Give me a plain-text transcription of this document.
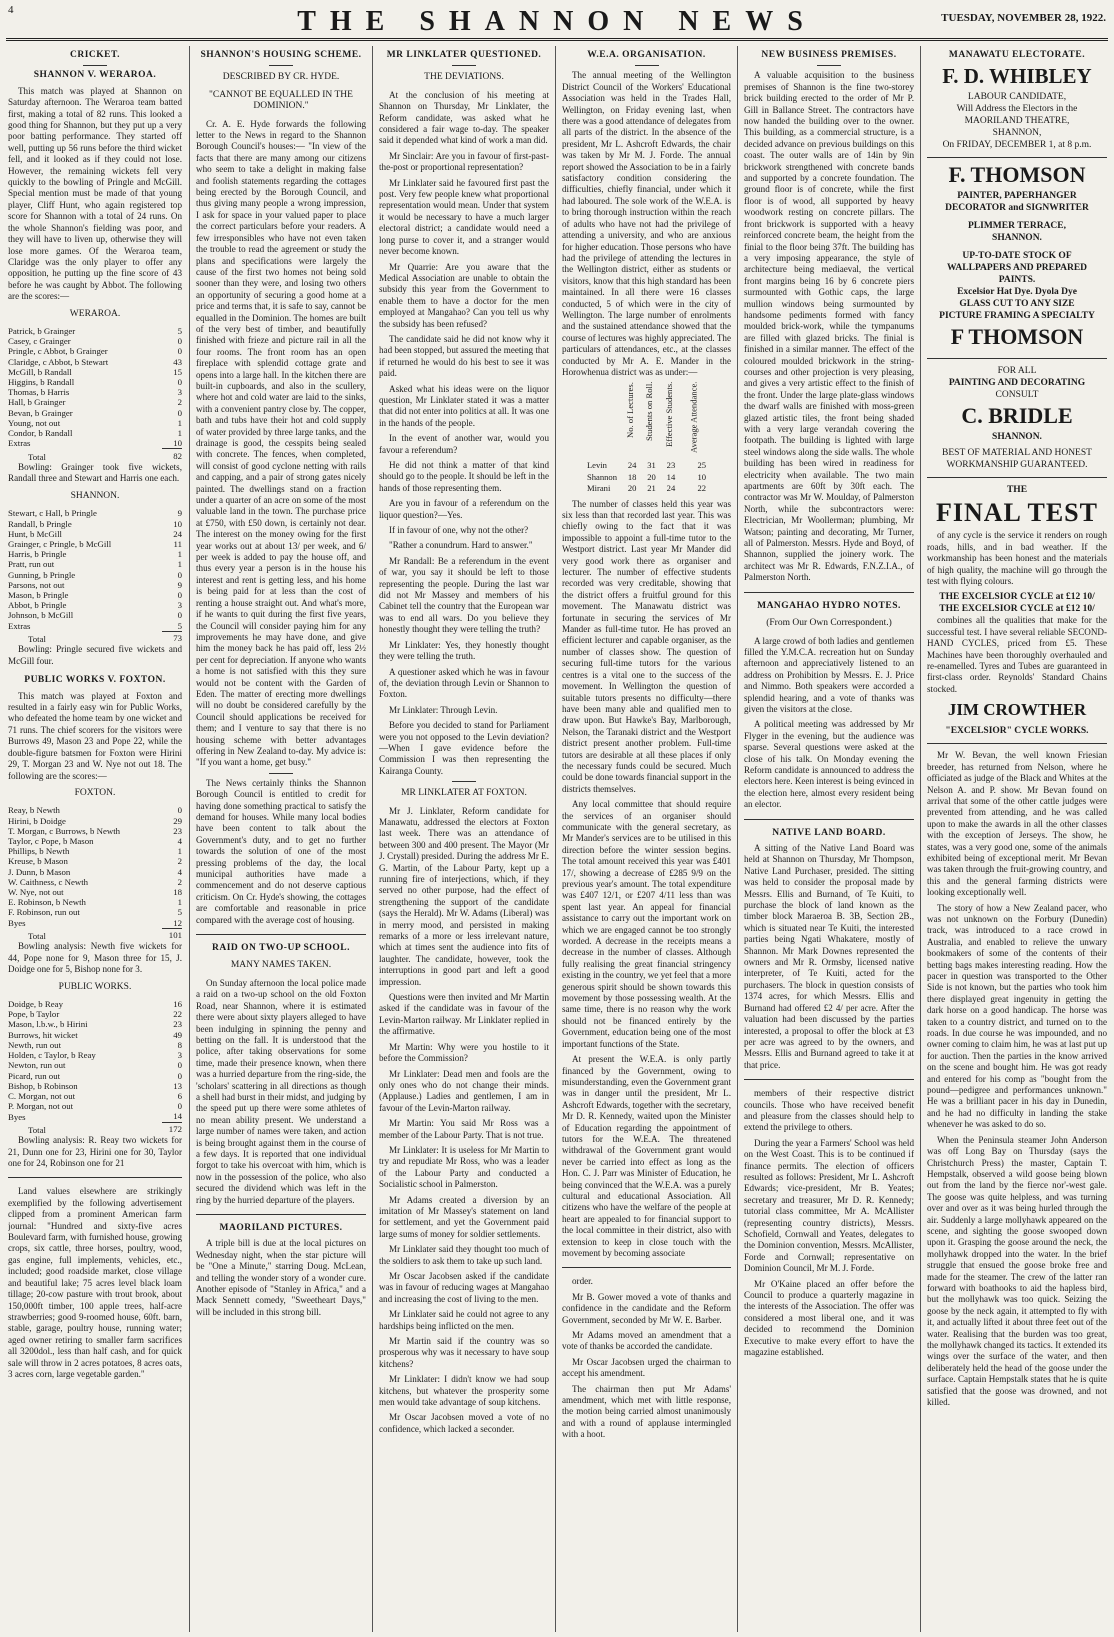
4	THE SHANNON NEWS	TUESDAY, NOVEMBER 28, 1922.
CRICKET.
SHANNON V. WERAROA.

This match was played at Shannon on Saturday afternoon. The Weraroa team batted first, making a total of 82 runs. This looked a good thing for Shannon, but they put up a very poor batting performance. They started off well, putting up 56 runs before the third wicket fell, and it looked as if they could not lose. However, the remaining wickets fell very quickly to the bowling of Pringle and McGill. Special mention must be made of that young player, Cliff Hunt, who again registered top score for Shannon with a total of 24 runs. On the whole Shannon's fielding was poor, and they will have to liven up, otherwise they will lose more games. Of the Weraroa team, Claridge was the only player to offer any opposition, he putting up the fine score of 43 before he was caught by Abbot. The following are the scores:—

WERAROA.
Patrick, b Grainger	5
Casey, c Grainger	0
Pringle, c Abbot, b Grainger	0
Claridge, c Abbot, b Stewart	43
McGill, b Randall	15
Higgins, b Randall	0
Thomas, b Harris	3
Hall, b Grainger	2
Bevan, b Grainger	0
Young, not out	1
Condor, b Randall	1
Extras	10
Total	82

Bowling: Grainger took five wickets, Randall three and Stewart and Harris one each.

SHANNON.
Stewart, c Hall, b Pringle	9
Randall, b Pringle	10
Hunt, b McGill	24
Grainger, c Pringle, b McGill	11
Harris, b Pringle	1
Pratt, run out	1
Gunning, b Pringle	0
Parsons, not out	9
Mason, b Pringle	0
Abbot, b Pringle	3
Johnson, b McGill	0
Extras	5
Total	73

Bowling: Pringle secured five wickets and McGill four.

PUBLIC WORKS V. FOXTON.

This match was played at Foxton and resulted in a fairly easy win for Public Works, who defeated the home team by one wicket and 71 runs. The chief scorers for the visitors were Burrows 49, Mason 23 and Pope 22, while the double-figure batsmen for Foxton were Hirini 29, T. Morgan 23 and W. Nye not out 18. The following are the scores:—

FOXTON.
Reay, b Newth	0
Hirini, b Doidge	29
T. Morgan, c Burrows, b Newth	23
Taylor, c Pope, b Mason	4
Phillips, b Newth	1
Kreuse, b Mason	2
J. Dunn, b Mason	4
W. Caithness, c Newth	2
W. Nye, not out	18
E. Robinson, b Newth	1
F. Robinson, run out	5
Byes	12
Total	101

Bowling analysis: Newth five wickets for 44, Pope none for 9, Mason three for 15, J. Doidge one for 5, Bishop none for 3.

PUBLIC WORKS.
Doidge, b Reay	16
Pope, b Taylor	22
Mason, l.b.w., b Hirini	23
Burrows, hit wicket	49
Newth, run out	8
Holden, c Taylor, b Reay	3
Newton, run out	0
Picard, run out	0
Bishop, b Robinson	13
C. Morgan, not out	6
P. Morgan, not out	0
Byes	14
Total	172

Bowling analysis: R. Reay two wickets for 21, Dunn one for 23, Hirini one for 30, Taylor one for 24, Robinson one for 21

Land values elsewhere are strikingly exemplified by the following advertisement clipped from a prominent American farm journal: "Hundred and sixty-five acres Boulevard farm, with furnished house, growing crops, six cattle, three horses, poultry, wood, gas engine, full implements, vehicles, etc., included; good roadside market, close village and beautiful lake; 75 acres level black loam tillage; 20-cow pasture with trout brook, about 150,000ft timber, 100 apple trees, half-acre strawberries; good 9-roomed house, 60ft. barn, stable, garage, poultry house, running water; aged owner retiring to smaller farm sacrifices all 3200dol., less than half cash, and for quick sale will throw in 2 acres potatoes, 8 acres oats, 3 acres corn, large vegetable garden."

SHANNON'S HOUSING SCHEME.
DESCRIBED BY CR. HYDE.
"CANNOT BE EQUALLED IN THE DOMINION."

Cr. A. E. Hyde forwards the following letter to the News in regard to the Shannon Borough Council's houses:— "In view of the facts that there are many among our citizens who seem to take a delight in making false and foolish statements regarding the cottages being erected by the Borough Council, and thus giving many people a wrong impression, I ask for space in your valued paper to place the correct particulars before your readers. A few irresponsibles who have not even taken the trouble to read the agreement or study the plans and specifications were largely the cause of the first two homes not being sold sooner than they were, and losing two others an opportunity of securing a good home at a price and terms that, it is safe to say, cannot be equalled in the Dominion. The homes are built of the very best of timber, and beautifully finished with frieze and picture rail in all the four rooms. The front room has an open fireplace with splendid cottage grate and opens into a large hall. In the kitchen there are built-in cupboards, and also in the scullery, where hot and cold water are laid to the sinks, with a convenient pantry close by. The copper, bath and tubs have their hot and cold supply of water provided by three large tanks, and the drainage is good, the cesspits being sealed with concrete. The fences, when completed, will consist of good cyclone netting with rails and capping, and a pair of strong gates nicely painted. The dwellings stand on a fraction under a quarter of an acre on some of the most valuable land in the town. The purchase price at £750, with £50 down, is certainly not dear. The interest on the money owing for the first year works out at about 13/ per week, and 6/ per week is added to pay the house off, and thus every year a person is in the house his interest and rent is getting less, and his home is being paid for at less than the cost of renting a house straight out. And what's more, if he wants to quit during the first five years, the Council will consider paying him for any improvements he may have done, and give him the money back he has paid off, less 2½ per cent for depreciation. If anyone who wants a home is not satisfied with this they sure would not be content with the Garden of Eden. The matter of erecting more dwellings will no doubt be considered carefully by the Council should applications be received for them; and I venture to say that there is no housing scheme with better advantages offering in New Zealand to-day. My advice is: "If you want a home, get busy."

The News certainly thinks the Shannon Borough Council is entitled to credit for having done something practical to satisfy the demand for houses. While many local bodies have been content to talk about the Government's duty, and to get no further towards the solution of one of the most pressing problems of the day, the local municipal authorities have made a commencement and do not deserve captious criticism. On Cr. Hyde's showing, the cottages are comfortable and reasonable in price compared with the average cost of housing.

RAID ON TWO-UP SCHOOL.
MANY NAMES TAKEN.

On Sunday afternoon the local police made a raid on a two-up school on the old Foxton Road, near Shannon, where it is estimated there were about sixty players alleged to have been indulging in spinning the penny and betting on the fall. It is understood that the police, after taking observations for some time, made their presence known, when there was a hurried departure from the ring-side, the 'scholars' scattering in all directions as though a shell had burst in their midst, and judging by the speed put up there were some athletes of no mean ability present. We understand a large number of names were taken, and action is being brought against them in the course of a few days. It is reported that one individual forgot to take his overcoat with him, which is now in the possession of the police, who also secured the dividend which was left in the ring by the hurried departure of the players.

MAORILAND PICTURES.

A triple bill is due at the local pictures on Wednesday night, when the star picture will be "One a Minute," starring Doug. McLean, and telling the wonder story of a wonder cure. Another episode of "Stanley in Africa," and a Mack Sennett comedy, "Sweetheart Days," will be included in this strong bill.

MR LINKLATER QUESTIONED.
THE DEVIATIONS.

At the conclusion of his meeting at Shannon on Thursday, Mr Linklater, the Reform candidate, was asked what he considered a fair wage to-day. The speaker said it depended what kind of work a man did.

Mr Sinclair: Are you in favour of first-past-the-post or proportional representation?

Mr Linklater said he favoured first past the post. Very few people knew what proportional representation would mean. Under that system it would be necessary to have a much larger electoral district; a candidate would need a long purse to cover it, and a stranger would never become known.

Mr Quarrie: Are you aware that the Medical Association are unable to obtain the subsidy this year from the Government to enable them to have a doctor for the men employed at Mangahao? Can you tell us why the subsidy has been refused?

The candidate said he did not know why it had been stopped, but assured the meeting that if returned he would do his best to see it was paid.

Asked what his ideas were on the liquor question, Mr Linklater stated it was a matter that did not enter into politics at all. It was one in the hands of the people.

In the event of another war, would you favour a referendum?

He did not think a matter of that kind should go to the people. It should be left in the hands of those representing them.

Are you in favour of a referendum on the liquor question?—Yes.

If in favour of one, why not the other?

"Rather a conundrum. Hard to answer."

Mr Randall: Be a referendum in the event of war, you say it should be left to those representing the people. During the last war did not Mr Massey and members of his Cabinet tell the country that the European war was to end all wars. Do you believe they honestly thought they were telling the truth?

Mr Linklater: Yes, they honestly thought they were telling the truth.

A questioner asked which he was in favour of, the deviation through Levin or Shannon to Foxton.

Mr Linklater: Through Levin.

Before you decided to stand for Parliament were you not opposed to the Levin deviation?—When I gave evidence before the Commission I was then representing the Kairanga County.

MR LINKLATER AT FOXTON.

Mr J. Linklater, Reform candidate for Manawatu, addressed the electors at Foxton last week. There was an attendance of between 300 and 400 present. The Mayor (Mr J. Crystall) presided. During the address Mr E. G. Martin, of the Labour Party, kept up a running fire of interjections, which, if they served no other purpose, had the effect of strengthening the support of the candidate (says the Herald). Mr W. Adams (Liberal) was in merry mood, and persisted in making remarks of a more or less irrelevant nature, which at times sent the audience into fits of laughter. The candidate, however, took the interruptions in good part and left a good impression.

Questions were then invited and Mr Martin asked if the candidate was in favour of the Levin-Marton railway. Mr Linklater replied in the affirmative.

Mr Martin: Why were you hostile to it before the Commission?

Mr Linklater: Dead men and fools are the only ones who do not change their minds. (Applause.) Ladies and gentlemen, I am in favour of the Levin-Marton railway.

Mr Martin: You said Mr Ross was a member of the Labour Party. That is not true.

Mr Linklater: It is useless for Mr Martin to try and repudiate Mr Ross, who was a leader of the Labour Party and conducted a Socialistic school in Palmerston.

Mr Adams created a diversion by an imitation of Mr Massey's statement on land for settlement, and yet the Government paid large sums of money for soldier settlements.

Mr Linklater said they thought too much of the soldiers to ask them to take up such land.

Mr Oscar Jacobsen asked if the candidate was in favour of reducing wages at Mangahao and increasing the cost of living to the men.

Mr Linklater said he could not agree to any hardships being inflicted on the men.

Mr Martin said if the country was so prosperous why was it necessary to have soup kitchens?

Mr Linklater: I didn't know we had soup kitchens, but whatever the prosperity some men would take advantage of soup kitchens.

Mr Oscar Jacobsen moved a vote of no confidence, which lacked a seconder.

W.E.A. ORGANISATION.

The annual meeting of the Wellington District Council of the Workers' Educational Association was held in the Trades Hall, Wellington, on Friday evening last, when there was a good attendance of delegates from all parts of the district. In the absence of the president, Mr L. Ashcroft Edwards, the chair was taken by Mr M. J. Forde. The annual report showed the Association to be in a fairly satisfactory condition considering the difficulties, chiefly financial, under which it had laboured. The sole work of the W.E.A. is to bring thorough instruction within the reach of adults who have not had the privilege of attending a university, and who are anxious for higher education. Those persons who have had the privilege of attending the lectures in the Wellington district, either as students or visitors, know that this high standard has been maintained. In all there were 16 classes conducted, 5 of which were in the city of Wellington. The large number of enrolments and the sustained attendance showed that the course of lectures was highly appreciated. The particulars of attendances, etc., at the classes conducted by Mr A. E. Mander in the Horowhenua district was as under:—

	No. of Lectures.	Students on Roll.	Effective Students.	Average Attendance.
Levin	24	31	23	25
Shannon	18	20	14	10
Mirani	20	21	24	22

The number of classes held this year was six less than that recorded last year. This was chiefly owing to the fact that it was impossible to appoint a full-time tutor to the Westport district. Last year Mr Mander did very good work there as organiser and lecturer. The number of effective students recorded was very creditable, showing that the district offers a fruitful ground for this movement. The Manawatu district was fortunate in securing the services of Mr Mander as full-time tutor. He has proved an efficient lecturer and capable organiser, as the number of classes show. The question of securing full-time tutors for the various centres is a vital one to the success of the movement. In Wellington the question of suitable tutors presents no difficulty—there have been many able and qualified men to draw upon. But Hawke's Bay, Marlborough, Nelson, the Taranaki district and the Westport district present another problem. Full-time tutors are desirable at all these places if only the necessary funds could be secured. Much could be done towards financial support in the districts themselves.

Any local committee that should require the services of an organiser should communicate with the general secretary, as Mr Mander's services are to be utilised in this direction before the winter session begins. The total amount received this year was £401 17/, showing a decrease of £285 9/9 on the previous year's amount. The total expenditure was £407 12/1, or £207 4/11 less than was spent last year. An appeal for financial assistance to carry out the important work on which we are engaged cannot be too strongly worded. A decrease in the receipts means a decrease in the number of classes. Although fully realising the great financial stringency existing in the country, we yet feel that a more generous spirit should be shown towards this movement by those possessing wealth. At the same time, there is no reason why the work should not be financed entirely by the Government, education being one of the most important functions of the State.

At present the W.E.A. is only partly financed by the Government, owing to misunderstanding, even the Government grant was in danger until the president, Mr L. Ashcroft Edwards, together with the secretary, Mr D. R. Kennedy, waited upon the Minister of Education regarding the appointment of tutors for the W.E.A. The threatened withdrawal of the Government grant would never be carried into effect as long as the Hon. C. J. Parr was Minister of Education, he being convinced that the W.E.A. was a purely cultural and educational Association. All citizens who have the welfare of the people at heart are appealed to for financial support to the local committee in their district, also with extension to keep in close touch with the movement by becoming associate

order.

Mr B. Gower moved a vote of thanks and confidence in the candidate and the Reform Government, seconded by Mr W. E. Barber.

Mr Adams moved an amendment that a vote of thanks be accorded the candidate.

Mr Oscar Jacobsen urged the chairman to accept his amendment.

The chairman then put Mr Adams' amendment, which met with little response, the motion being carried almost unanimously and with a round of applause intermingled with a hoot.

NEW BUSINESS PREMISES.

A valuable acquisition to the business premises of Shannon is the fine two-storey brick building erected to the order of Mr P. Gill in Ballance Street. The contractors have now handed the building over to the owner. This building, as a commercial structure, is a decided advance on previous buildings on this coast. The outer walls are of 14in by 9in brickwork strengthened with concrete bands and supported by a concrete foundation. The ground floor is of concrete, while the first floor is of wood, all supported by heavy woodwork resting on concrete pillars. The front brickwork is supported with a heavy reinforced concrete beam, the height from the finial to the floor being 37ft. The building has a very imposing appearance, the style of architecture being mediaeval, the vertical front margins being 16 by 6 concrete piers surmounted with Gothic caps, the large mullion windows being surmounted by handsome pediments formed with fancy moulded brick-work, while the tympanums are filled with glazed bricks. The finial is finished in a similar manner. The effect of the coloured moulded brickwork in the string-courses and other projection is very pleasing, and gives a very artistic effect to the finish of the front. Under the large plate-glass windows the dwarf walls are finished with moss-green glazed artistic tiles, the front being shaded with a very large verandah covering the footpath. The building is lighted with large steel windows along the side walls. The whole building has been wired in readiness for electricity when available. The two main apartments are 60ft by 30ft each. The contractor was Mr W. Moulday, of Palmerston North, while the subcontractors were: Electrician, Mr Woollerman; plumbing, Mr Watson; painting and decorating, Mr Turner, all of Palmerston. Messrs. Hyde and Boyd, of Shannon, supplied the joinery work. The architect was Mr R. Edwards, F.N.Z.I.A., of Palmerston North.

MANGAHAO HYDRO NOTES.
(From Our Own Correspondent.)

A large crowd of both ladies and gentlemen filled the Y.M.C.A. recreation hut on Sunday afternoon and appreciatively listened to an address on Prohibition by Messrs. E. J. Price and Nimmo. Both speakers were accorded a splendid hearing, and a vote of thanks was given the visitors at the close.

A political meeting was addressed by Mr Flyger in the evening, but the audience was sparse. Several questions were asked at the close of his talk. On Monday evening the Reform candidate is announced to address the electors here. Keen interest is being evinced in the election here, almost every resident being an elector.

NATIVE LAND BOARD.

A sitting of the Native Land Board was held at Shannon on Thursday, Mr Thompson, Native Land Purchaser, presided. The sitting was held to consider the proposal made by Messrs. Ellis and Burnand, of Te Kuiti, to purchase the block of land known as the timber block Maraeroa B. 3B, Section 2B., which is situated near Te Kuiti, the interested parties being Ngati Whakatere, mostly of Shannon. Mr Mark Downes represented the owners and Mr R. Ormsby, licensed native interpreter, of Te Kuiti, acted for the purchasers. The block in question consists of 1374 acres, for which Messrs. Ellis and Burnand had offered £2 4/ per acre. After the valuation had been discussed by the parties interested, a proposal to offer the block at £3 per acre was agreed to by the owners, and Messrs. Ellis and Burnand agreed to take it at that price.

members of their respective district councils. Those who have received benefit and pleasure from the classes should help to extend the privilege to others.

During the year a Farmers' School was held on the West Coast. This is to be continued if finance permits. The election of officers resulted as follows: President, Mr L. Ashcroft Edwards; vice-president, Mr B. Yeates; secretary and treasurer, Mr D. R. Kennedy; tutorial class committee, Mr A. McAllister (representing country districts), Messrs. Schofield, Cornwall and Yeates, delegates to the Dominion convention, Messrs. McAllister, Forde and Cornwall; representative on Dominion Council, Mr M. J. Forde.

Mr O'Kaine placed an offer before the Council to produce a quarterly magazine in the interests of the Association. The offer was considered a most liberal one, and it was decided to recommend the Dominion Executive to make every effort to have the magazine established.

MANAWATU ELECTORATE.
F. D. WHIBLEY
LABOUR CANDIDATE,
Will Address the Electors in the
MAORILAND THEATRE,
SHANNON,
On FRIDAY, DECEMBER 1, at 8 p.m.
F. THOMSON
PAINTER, PAPERHANGER
DECORATOR and SIGNWRITER
PLIMMER TERRACE,
SHANNON.
UP-TO-DATE STOCK OF
WALLPAPERS AND PREPARED
PAINTS.
Excelsior Hat Dye. Dyola Dye
GLASS CUT TO ANY SIZE
PICTURE FRAMING A SPECIALTY
F THOMSON
FOR ALL
PAINTING AND DECORATING
CONSULT
C. BRIDLE
SHANNON.
BEST OF MATERIAL AND HONEST WORKMANSHIP GUARANTEED.
THE
FINAL TEST

of any cycle is the service it renders on rough roads, hills, and in bad weather. If the workmanship has been honest and the materials of high quality, the machine will go through the test with flying colours.

THE EXCELSIOR CYCLE at £12 10/
THE EXCELSIOR CYCLE at £12 10/

combines all the qualities that make for the successful test. I have several reliable SECOND-HAND CYCLES, priced from £5. These Machines have been thoroughly overhauled and re-enamelled. Tyres and Tubes are guaranteed in first-class order. Reynolds' Standard Chains stocked.

JIM CROWTHER
"EXCELSIOR" CYCLE WORKS.

Mr W. Bevan, the well known Friesian breeder, has returned from Nelson, where he officiated as judge of the Black and Whites at the Nelson A. and P. show. Mr Bevan found on arrival that some of the other cattle judges were prevented from attending, and he was called upon to make the awards in all the other classes with the exception of Jerseys. The show, he states, was a very good one, some of the animals exhibited being of exceptional merit. Mr Bevan was taken through the fruit-growing country, and this and the general farming districts were looking exceptionally well.

The story of how a New Zealand pacer, who was not unknown on the Forbury (Dunedin) track, was introduced to a race crowd in Australia, and enabled to relieve the unwary bookmakers of some of the contents of their betting bags makes interesting reading. How the pacer in question was transported to the Other Side is not known, but the parties who took him there displayed great ingenuity in getting the dark horse on a good handicap. The horse was taken to a country district, and turned on to the roads. In due course he was impounded, and no owner coming to claim him, he was at last put up for auction. Then the parties in the know arrived on the scene and bought him. He was got ready and entered for his comp as "bought from the pound—pedigree and performances unknown." He was a brilliant pacer in his day in Dunedin, and he had no difficulty in landing the stake whenever he was asked to do so.

When the Peninsula steamer John Anderson was off Long Bay on Thursday (says the Christchurch Press) the master, Captain T. Hempstalk, observed a wild goose being blown out from the land by the fierce nor'-west gale. The goose was quite helpless, and was turning over and over as it was being hurled through the air. Suddenly a large mollyhawk appeared on the scene, and sighting the goose swooped down upon it. Grasping the goose around the neck, the mollyhawk dropped into the water. In the brief struggle that ensued the goose broke free and made for the steamer. The crew of the latter ran forward with boathooks to aid the hapless bird, but the mollyhawk was too quick. Seizing the goose by the neck again, it attempted to fly with it, and actually lifted it about three feet out of the water. Realising that the burden was too great, the mollyhawk changed its tactics. It extended its wings over the surface of the water, and then deliberately held the head of the goose under the surface. Captain Hempstalk states that he is quite satisfied that the goose was drowned, and not killed.
